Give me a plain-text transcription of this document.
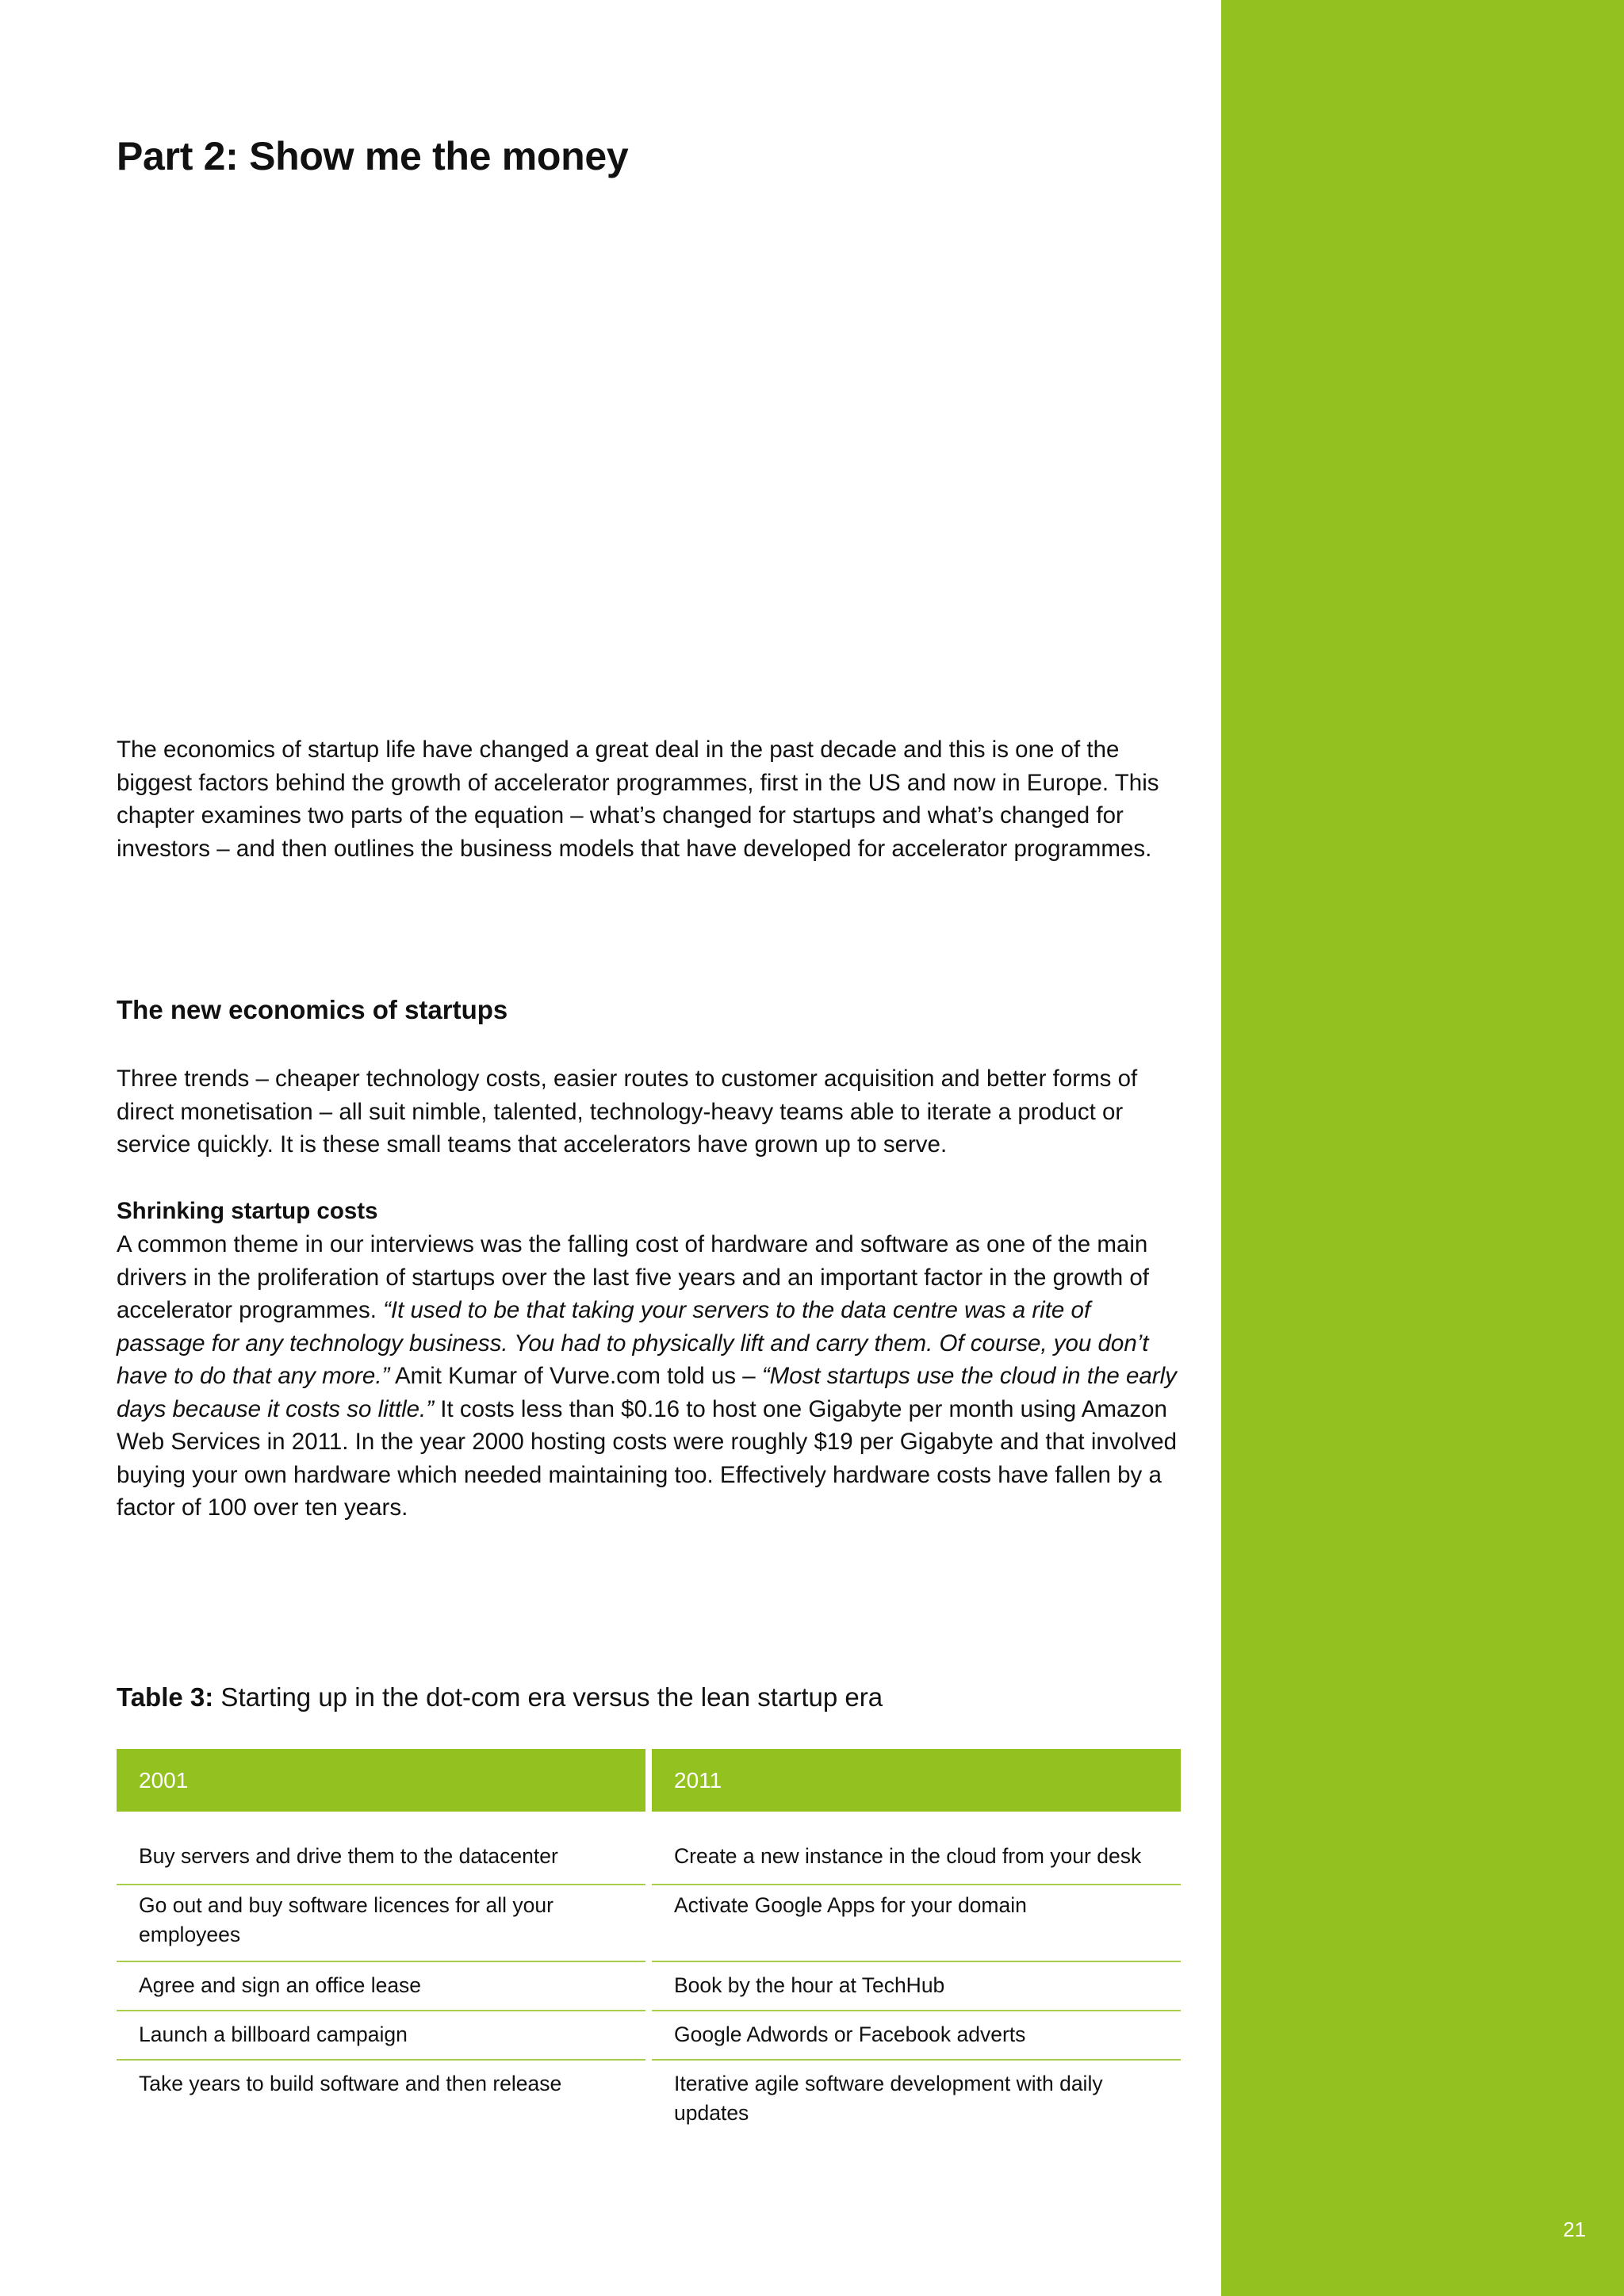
21
Part 2: Show me the money

The economics of startup life have changed a great deal in the past decade and this is one of the biggest factors behind the growth of accelerator programmes, first in the US and now in Europe. This chapter examines two parts of the equation – what’s changed for startups and what’s changed for investors – and then outlines the business models that have developed for accelerator programmes.

The new economics of startups

Three trends – cheaper technology costs, easier routes to customer acquisition and better forms of direct monetisation – all suit nimble, talented, technology-heavy teams able to iterate a product or service quickly. It is these small teams that accelerators have grown up to serve.

Shrinking startup costs

A common theme in our interviews was the falling cost of hardware and software as one of the main drivers in the proliferation of startups over the last five years and an important factor in the growth of accelerator programmes. “It used to be that taking your servers to the data centre was a rite of passage for any technology business. You had to physically lift and carry them. Of course, you don’t have to do that any more.” Amit Kumar of Vurve.com told us – “Most startups use the cloud in the early days because it costs so little.” It costs less than $0.16 to host one Gigabyte per month using Amazon Web Services in 2011. In the year 2000 hosting costs were roughly $19 per Gigabyte and that involved buying your own hardware which needed maintaining too. Effectively hardware costs have fallen by a factor of 100 over ten years.

Table 3: Starting up in the dot-com era versus the lean startup era

2001
Buy servers and drive them to the datacenter
Go out and buy software licences for all your employees
Agree and sign an office lease
Launch a billboard campaign
Take years to build software and then release
2011
Create a new instance in the cloud from your desk
Activate Google Apps for your domain
Book by the hour at TechHub
Google Adwords or Facebook adverts
Iterative agile software development with daily updates
